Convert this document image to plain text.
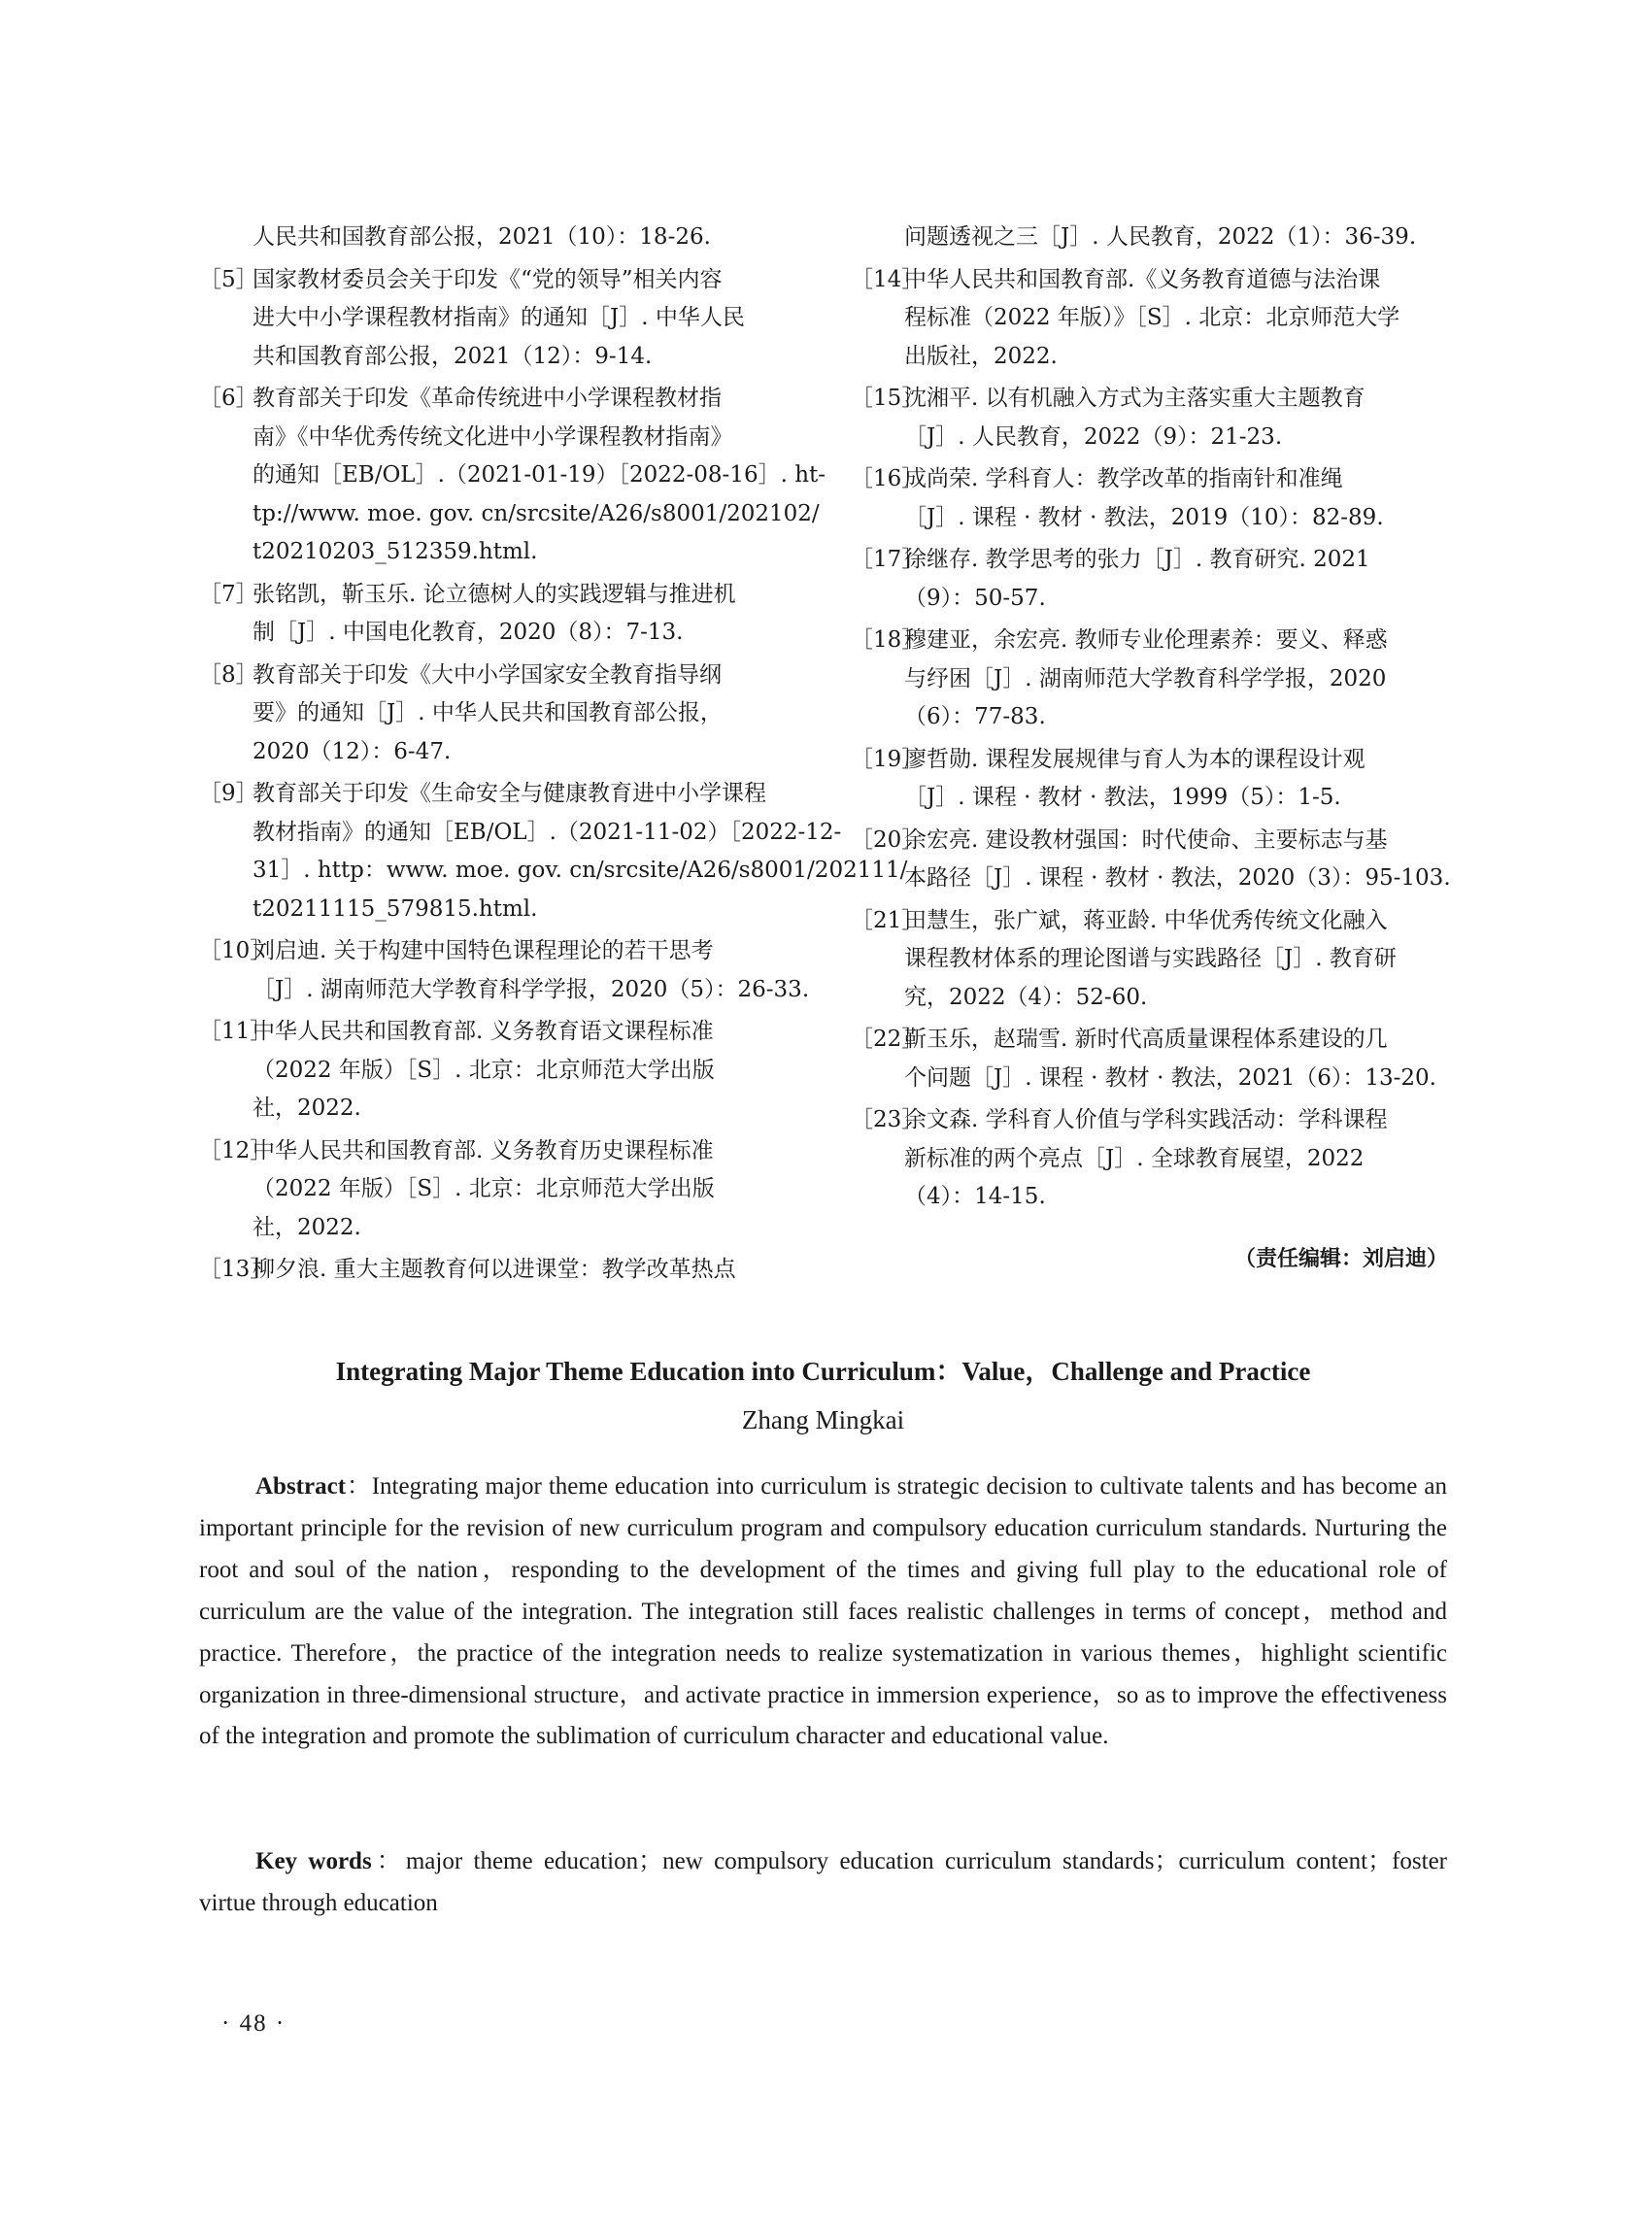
人民共和国教育部公报，2021（10）：18-26.
［5］
国家教材委员会关于印发《“党的领导”相关内容
进大中小学课程教材指南》的通知［J］. 中华人民
共和国教育部公报，2021（12）：9-14.
［6］
教育部关于印发《革命传统进中小学课程教材指
南》《中华优秀传统文化进中小学课程教材指南》
的通知［EB/OL］.（2021-01-19）［2022-08-16］. ht-
tp://www. moe. gov. cn/srcsite/A26/s8001/202102/
t20210203_512359.html.
［7］
张铭凯，靳玉乐. 论立德树人的实践逻辑与推进机
制［J］. 中国电化教育，2020（8）：7-13.
［8］
教育部关于印发《大中小学国家安全教育指导纲
要》的通知［J］. 中华人民共和国教育部公报，
2020（12）：6-47.
［9］
教育部关于印发《生命安全与健康教育进中小学课程
教材指南》的通知［EB/OL］.（2021-11-02）［2022-12-
31］. http：www. moe. gov. cn/srcsite/A26/s8001/202111/
t20211115_579815.html.
［10］
刘启迪. 关于构建中国特色课程理论的若干思考
［J］. 湖南师范大学教育科学学报，2020（5）：26-33.
［11］
中华人民共和国教育部. 义务教育语文课程标准
（2022 年版）［S］. 北京：北京师范大学出版
社，2022.
［12］
中华人民共和国教育部. 义务教育历史课程标准
（2022 年版）［S］. 北京：北京师范大学出版
社，2022.
［13］
柳夕浪. 重大主题教育何以进课堂：教学改革热点
问题透视之三［J］. 人民教育，2022（1）：36-39.
［14］
中华人民共和国教育部.《义务教育道德与法治课
程标准（2022 年版）》［S］. 北京：北京师范大学
出版社，2022.
［15］
沈湘平. 以有机融入方式为主落实重大主题教育
［J］. 人民教育，2022（9）：21-23.
［16］
成尚荣. 学科育人：教学改革的指南针和准绳
［J］. 课程 · 教材 · 教法，2019（10）：82-89.
［17］
徐继存. 教学思考的张力［J］. 教育研究. 2021
（9）：50-57.
［18］
穆建亚，余宏亮. 教师专业伦理素养：要义、释惑
与纾困［J］. 湖南师范大学教育科学学报，2020
（6）：77-83.
［19］
廖哲勋. 课程发展规律与育人为本的课程设计观
［J］. 课程 · 教材 · 教法，1999（5）：1-5.
［20］
余宏亮. 建设教材强国：时代使命、主要标志与基
本路径［J］. 课程 · 教材 · 教法，2020（3）：95-103.
［21］
田慧生，张广斌，蒋亚龄. 中华优秀传统文化融入
课程教材体系的理论图谱与实践路径［J］. 教育研
究，2022（4）：52-60.
［22］
靳玉乐，赵瑞雪. 新时代高质量课程体系建设的几
个问题［J］. 课程 · 教材 · 教法，2021（6）：13-20.
［23］
余文森. 学科育人价值与学科实践活动：学科课程
新标准的两个亮点［J］. 全球教育展望，2022
（4）：14-15.
（责任编辑：刘启迪）
Integrating Major Theme Education into Curriculum：Value，Challenge and Practice
Zhang Mingkai
Abstract：Integrating major theme education into curriculum is strategic decision to cultivate talents and has become an important principle for the revision of new curriculum program and compulsory education curriculum standards. Nurturing the root and soul of the nation，responding to the development of the times and giving full play to the educational role of curriculum are the value of the integration. The integration still faces realistic challenges in terms of concept，method and practice. Therefore，the practice of the integration needs to realize systematization in various themes，highlight scientific organization in three-dimensional structure，and activate practice in immersion experience，so as to improve the effectiveness of the integration and promote the sublimation of curriculum character and educational value.
Key words：major theme education；new compulsory education curriculum standards；curriculum content；foster virtue through education
· 48 ·
